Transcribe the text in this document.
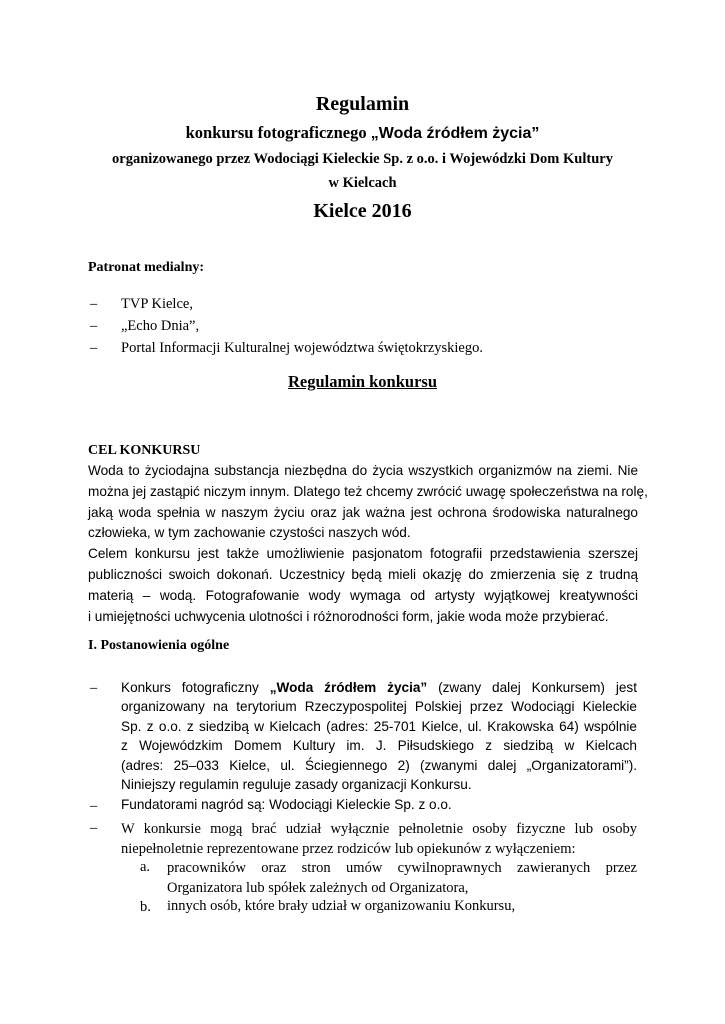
Regulamin
konkursu fotograficznego „Woda źródłem życia”
organizowanego przez Wodociągi Kieleckie Sp. z o.o. i Wojewódzki Dom Kultury
w Kielcach
Kielce 2016
Patronat medialny:
– TVP Kielce,
– „Echo Dnia”,
– Portal Informacji Kulturalnej województwa świętokrzyskiego.
Regulamin konkursu
CEL KONKURSU
Woda to życiodajna substancja niezbędna do życia wszystkich organizmów na ziemi. Nie
można jej zastąpić niczym innym. Dlatego też chcemy zwrócić uwagę społeczeństwa na rolę,
jaką woda spełnia w naszym życiu oraz jak ważna jest ochrona środowiska naturalnego
człowieka, w tym zachowanie czystości naszych wód.
Celem konkursu jest także umożliwienie pasjonatom fotografii przedstawienia szerszej
publiczności swoich dokonań. Uczestnicy będą mieli okazję do zmierzenia się z trudną
materią – wodą. Fotografowanie wody wymaga od artysty wyjątkowej kreatywności
i umiejętności uchwycenia ulotności i różnorodności form, jakie woda może przybierać.
I. Postanowienia ogólne
– Konkurs fotograficzny „Woda źródłem życia” (zwany dalej Konkursem) jest
organizowany na terytorium Rzeczypospolitej Polskiej przez Wodociągi Kieleckie
Sp. z o.o. z siedzibą w Kielcach (adres: 25-701 Kielce, ul. Krakowska 64) wspólnie
z Wojewódzkim Domem Kultury im. J. Piłsudskiego z siedzibą w Kielcach
(adres: 25–033 Kielce, ul. Ściegiennego 2) (zwanymi dalej „Organizatorami”).
Niniejszy regulamin reguluje zasady organizacji Konkursu.
– Fundatorami nagród są: Wodociągi Kieleckie Sp. z o.o.
– W konkursie mogą brać udział wyłącznie pełnoletnie osoby fizyczne lub osoby
niepełnoletnie reprezentowane przez rodziców lub opiekunów z wyłączeniem:
a. pracowników oraz stron umów cywilnoprawnych zawieranych przez
Organizatora lub spółek zależnych od Organizatora,
b. innych osób, które brały udział w organizowaniu Konkursu,
